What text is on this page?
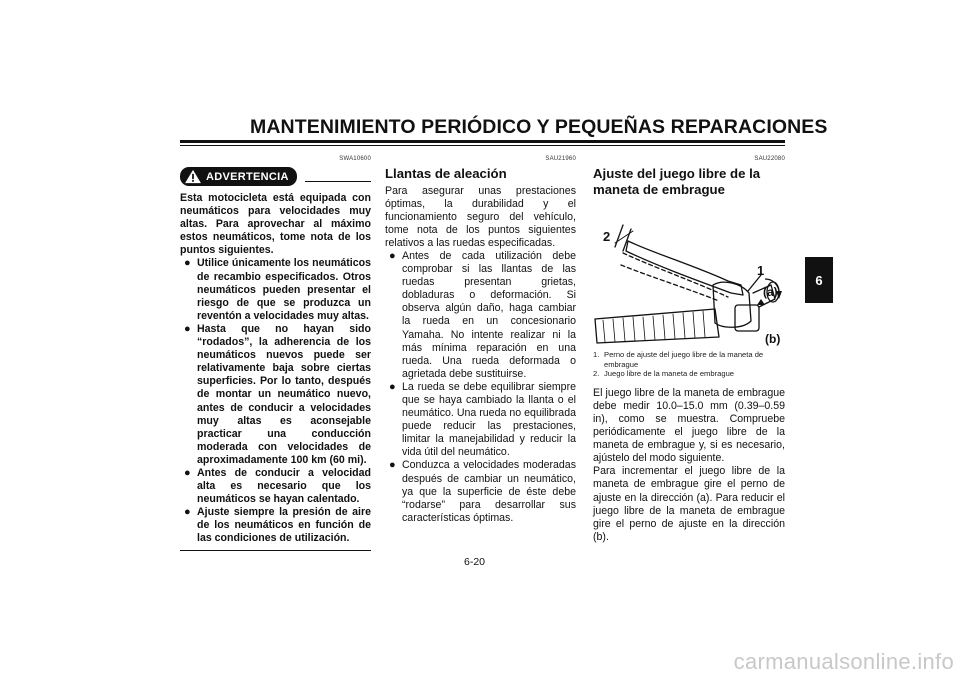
MANTENIMIENTO PERIÓDICO Y PEQUEÑAS REPARACIONES
SWA10600
ADVERTENCIA

Esta motocicleta está equipada con neumáticos para velocidades muy altas. Para aprovechar al máximo estos neumáticos, tome nota de los puntos siguientes.

● Utilice únicamente los neumáticos de recambio especificados. Otros neumáticos pueden presentar el riesgo de que se produzca un reventón a velocidades muy altas.

● Hasta que no hayan sido “rodados”, la adherencia de los neumáticos nuevos puede ser relativamente baja sobre ciertas superficies. Por lo tanto, después de montar un neumático nuevo, antes de conducir a velocidades muy altas es aconsejable practicar una conducción moderada con velocidades de aproximadamente 100 km (60 mi).

● Antes de conducir a velocidad alta es necesario que los neumáticos se hayan calentado.

● Ajuste siempre la presión de aire de los neumáticos en función de las condiciones de utilización.

SAU21960
Llantas de aleación

Para asegurar unas prestaciones óptimas, la durabilidad y el funcionamiento seguro del vehículo, tome nota de los puntos siguientes relativos a las ruedas especificadas.

● Antes de cada utilización debe comprobar si las llantas de las ruedas presentan grietas, dobladuras o deformación. Si observa algún daño, haga cambiar la rueda en un concesionario Yamaha. No intente realizar ni la más mínima reparación en una rueda. Una rueda deformada o agrietada debe sustituirse.

● La rueda se debe equilibrar siempre que se haya cambiado la llanta o el neumático. Una rueda no equilibrada puede reducir las prestaciones, limitar la manejabilidad y reducir la vida útil del neumático.

● Conduzca a velocidades moderadas después de cambiar un neumático, ya que la superficie de éste debe “rodarse” para desarrollar sus características óptimas.

SAU22080
Ajuste del juego libre de la maneta de embrague
2
1
(a)
(b)
1. Perno de ajuste del juego libre de la maneta de embrague
2. Juego libre de la maneta de embrague

El juego libre de la maneta de embrague debe medir 10.0–15.0 mm (0.39–0.59 in), como se muestra. Compruebe periódicamente el juego libre de la maneta de embrague y, si es necesario, ajústelo del modo siguiente.

Para incrementar el juego libre de la maneta de embrague gire el perno de ajuste en la dirección (a). Para reducir el juego libre de la maneta de embrague gire el perno de ajuste en la dirección (b).

6-20
6
carmanualsonline.info
